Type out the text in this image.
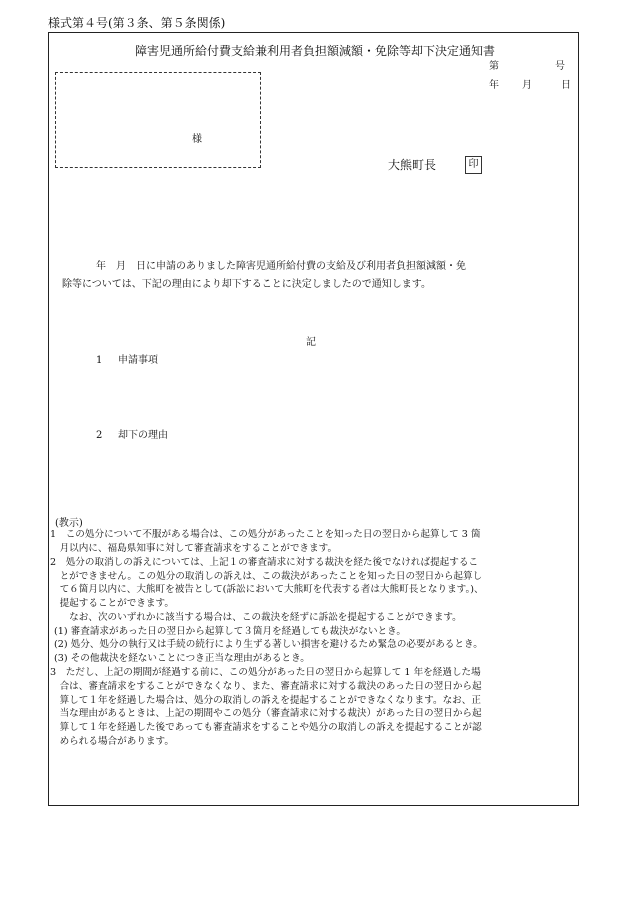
様式第４号(第３条、第５条関係)
障害児通所給付費支給兼利用者負担額減額・免除等却下決定通知書
第	号
年 月	日
様
大熊町長	印
年　月　日に申請のありました障害児通所給付費の支給及び利用者負担額減額・免
除等については、下記の理由により却下することに決定しましたので通知します。
記
1 申請事項
2 却下の理由
(教示)
1　この処分について不服がある場合は、この処分があったことを知った日の翌日から起算して 3 箇
　月以内に、福島県知事に対して審査請求をすることができます。
2　処分の取消しの訴えについては、上記１の審査請求に対する裁決を経た後でなければ提起するこ
　とができません。この処分の取消しの訴えは、この裁決があったことを知った日の翌日から起算し
　て６箇月以内に、大熊町を被告として(訴訟において大熊町を代表する者は大熊町長となります。)、
　提起することができます。
　　なお、次のいずれかに該当する場合は、この裁決を経ずに訴訟を提起することができます。
(1) 審査請求があった日の翌日から起算して３箇月を経過しても裁決がないとき。
(2) 処分、処分の執行又は手続の続行により生ずる著しい損害を避けるため緊急の必要があるとき。
(3) その他裁決を経ないことにつき正当な理由があるとき。
3　ただし、上記の期間が経過する前に、この処分があった日の翌日から起算して 1 年を経過した場
　合は、審査請求をすることができなくなり、また、審査請求に対する裁決のあった日の翌日から起
　算して１年を経過した場合は、処分の取消しの訴えを提起することができなくなります。なお、正
　当な理由があるときは、上記の期間やこの処分（審査請求に対する裁決）があった日の翌日から起
　算して１年を経過した後であっても審査請求をすることや処分の取消しの訴えを提起することが認
　められる場合があります。
